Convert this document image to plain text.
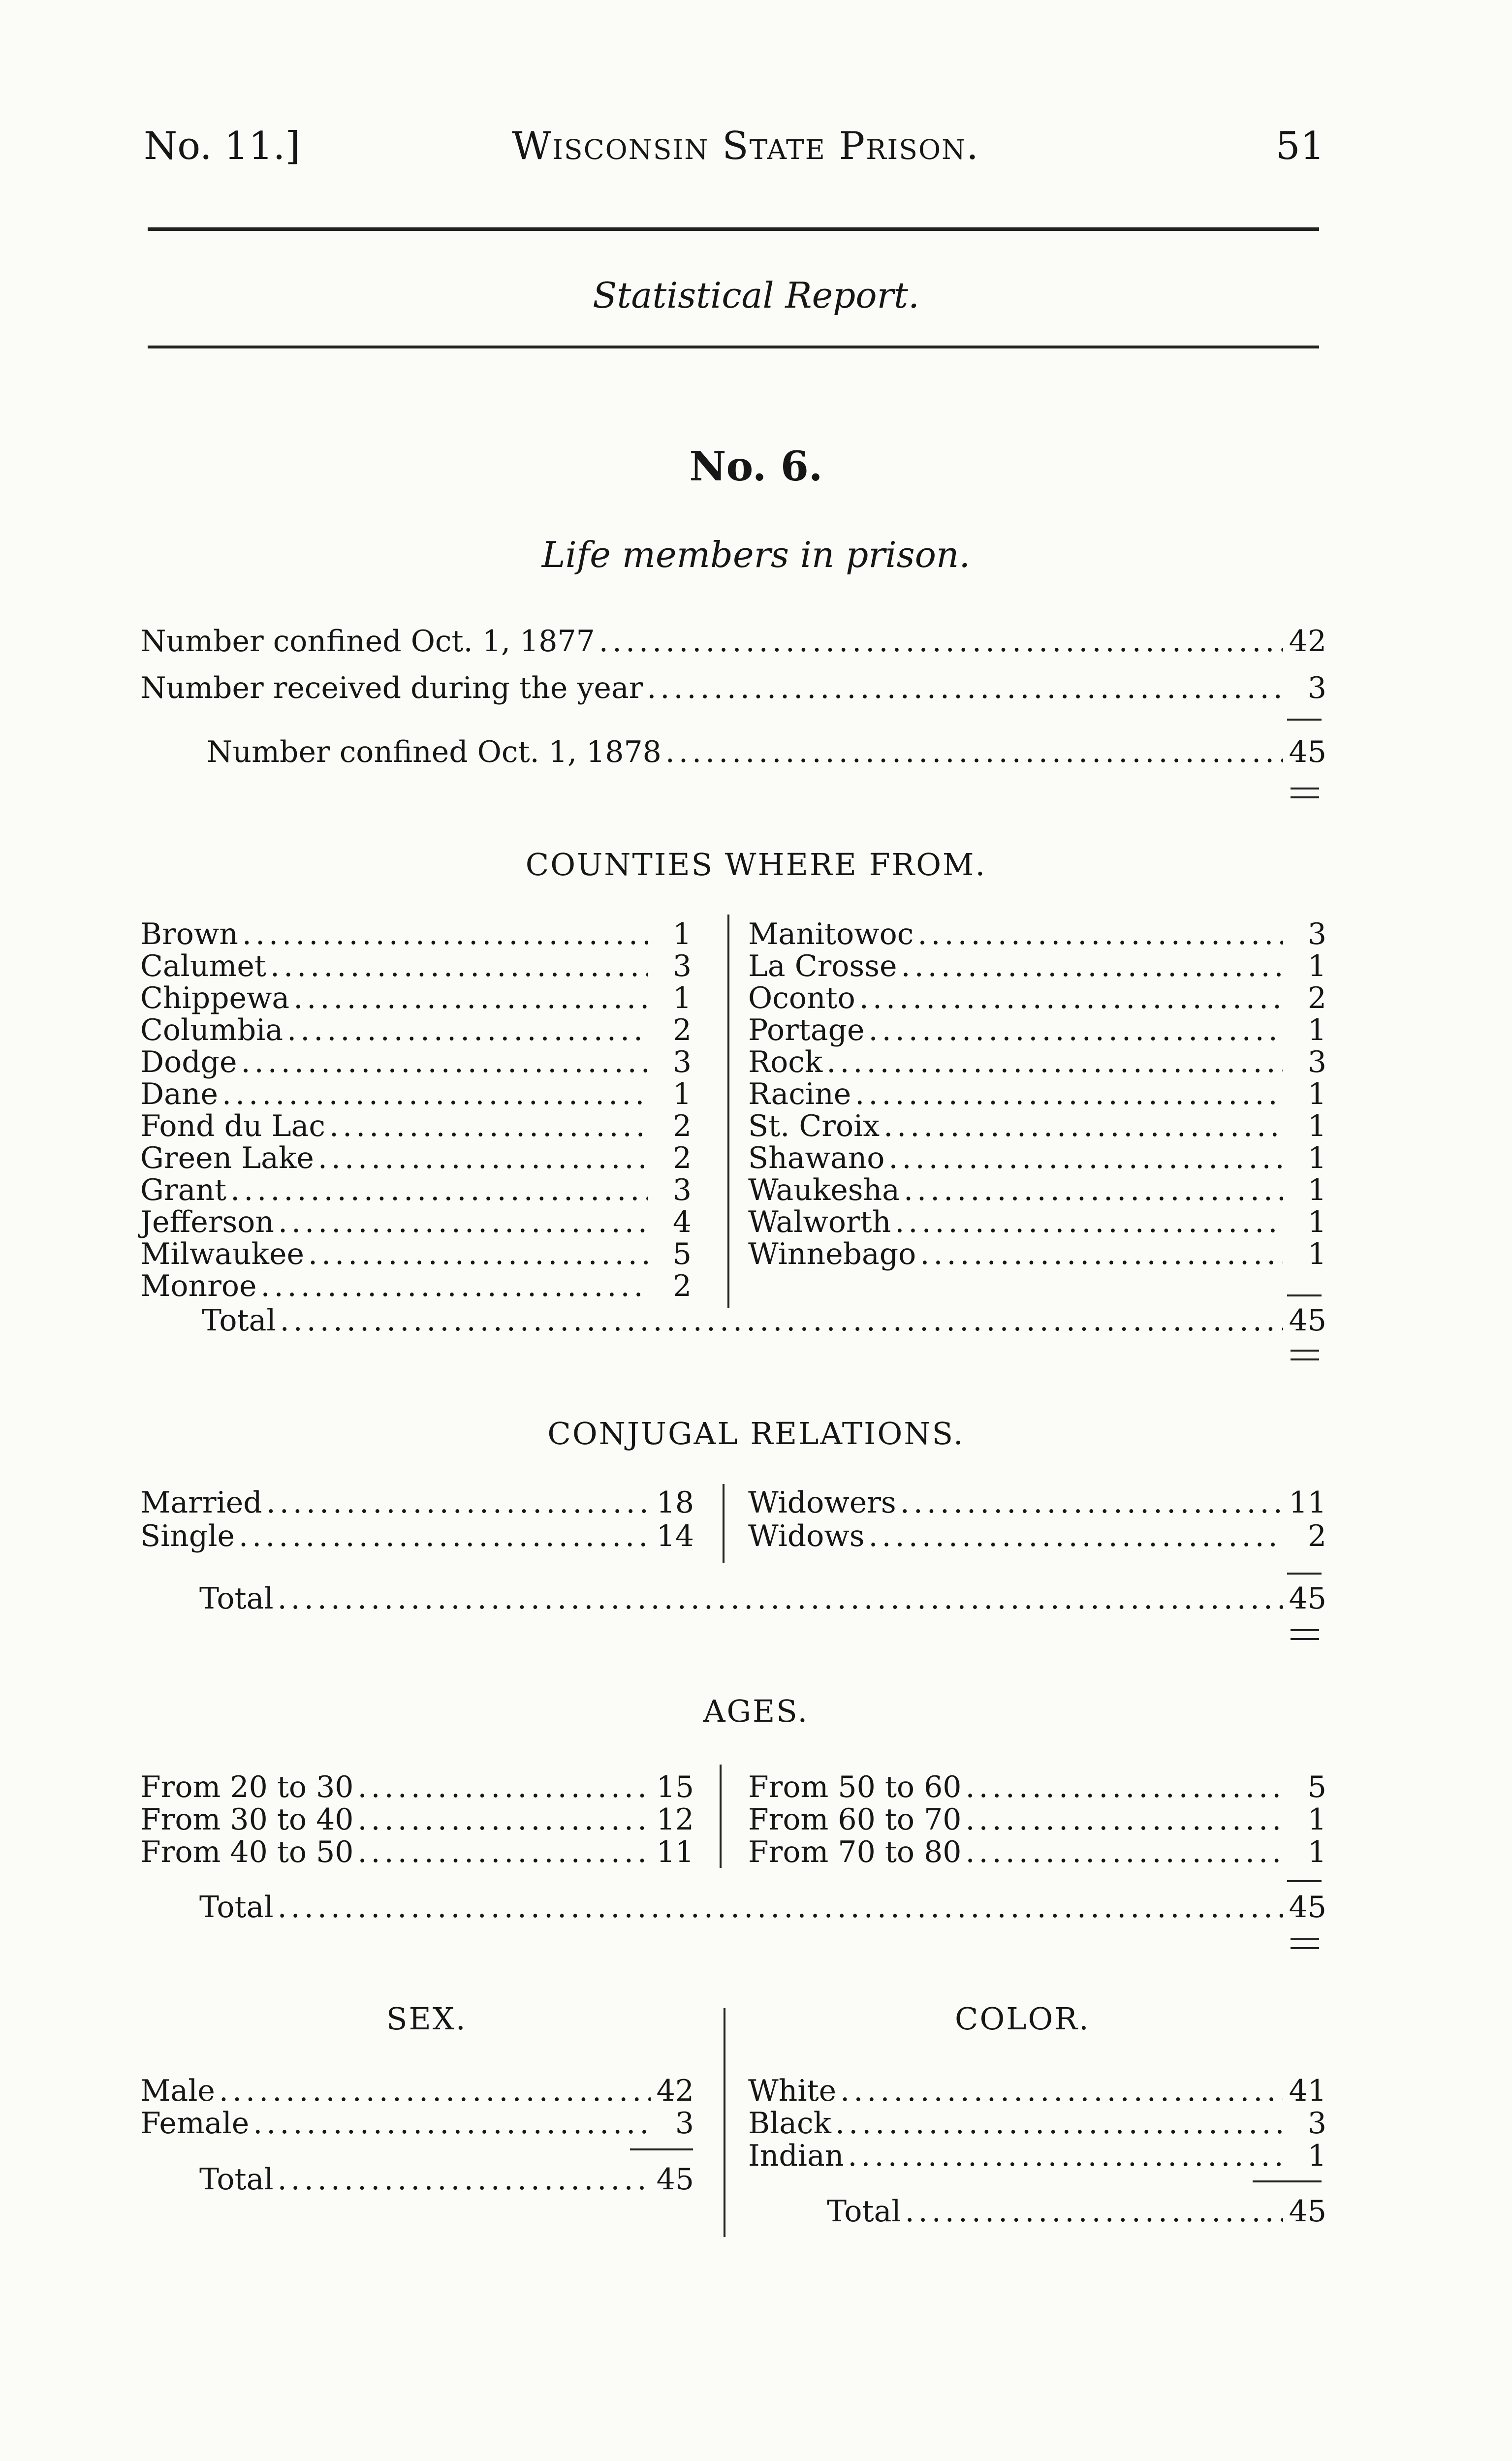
No. 11.]	Wisconsin State Prison.	51
Statistical Report.
No. 6.
Life members in prison.
Number confined Oct. 1, 1877 .....	42
Number received during the year .....	3
Number confined Oct. 1, 1878 .....	45
COUNTIES WHERE FROM.
Brown .....	1
Calumet .....	3
Chippewa .....	1
Columbia .....	2
Dodge .....	3
Dane .....	1
Fond du Lac .....	2
Green Lake .....	2
Grant .....	3
Jefferson .....	4
Milwaukee .....	5
Monroe .....	2
Manitowoc .....	3
La Crosse .....	1
Oconto .....	2
Portage .....	1
Rock .....	3
Racine .....	1
St. Croix .....	1
Shawano .....	1
Waukesha .....	1
Walworth .....	1
Winnebago .....	1
Total .....	45
CONJUGAL RELATIONS.
Married .....	18
Single .....	14
Widowers .....	11
Widows .....	2
Total .....	45
AGES.
From 20 to 30 .....	15
From 30 to 40 .....	12
From 40 to 50 .....	11
From 50 to 60 .....	5
From 60 to 70 .....	1
From 70 to 80 .....	1
Total .....	45
SEX.	COLOR.
Male .....	42
Female .....	3
Total .....	45
White .....	41
Black .....	3
Indian .....	1
Total .....	45
